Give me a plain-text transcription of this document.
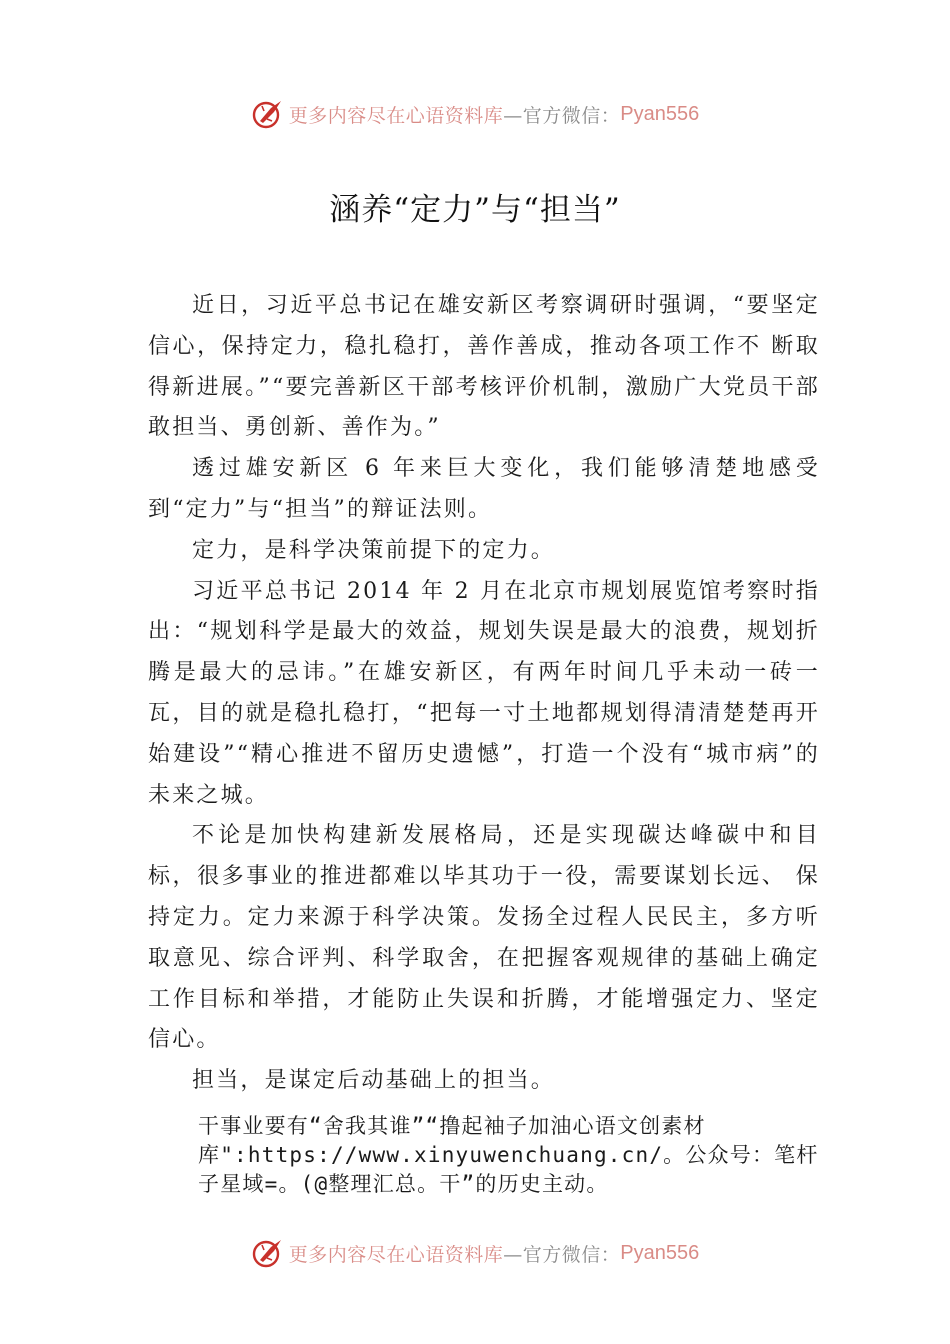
更多内容尽在心语资料库 —官方微信： Pyan556
涵养“定力”与“担当”

近日，习近平总书记在雄安新区考察调研时强调，“要坚定信心，保持定力，稳扎稳打，善作善成，推动各项工作不 断取得新进展。”“要完善新区干部考核评价机制，激励广大党员干部敢担当、勇创新、善作为。”

透过雄安新区 6 年来巨大变化，我们能够清楚地感受到“定力”与“担当”的辩证法则。

定力，是科学决策前提下的定力。

习近平总书记 2014 年 2 月在北京市规划展览馆考察时指出：“规划科学是最大的效益，规划失误是最大的浪费，规划折腾是最大的忌讳。”在雄安新区，有两年时间几乎未动一砖一瓦，目的就是稳扎稳打，“把每一寸土地都规划得清清楚楚再开始建设”“精心推进不留历史遗憾”，打造一个没有“城市病”的未来之城。

不论是加快构建新发展格局，还是实现碳达峰碳中和目标，很多事业的推进都难以毕其功于一役，需要谋划长远、 保持定力。定力来源于科学决策。发扬全过程人民民主，多方听取意见、综合评判、科学取舍，在把握客观规律的基础上确定工作目标和举措，才能防止失误和折腾，才能增强定力、坚定信心。

担当，是谋定后动基础上的担当。

干事业要有“舍我其谁”“撸起袖子加油心语文创素材库":https://www.xinyuwenchuang.cn/。公众号：笔杆子星域=。(@整理汇总。干”的历史主动。

更多内容尽在心语资料库 —官方微信： Pyan556
